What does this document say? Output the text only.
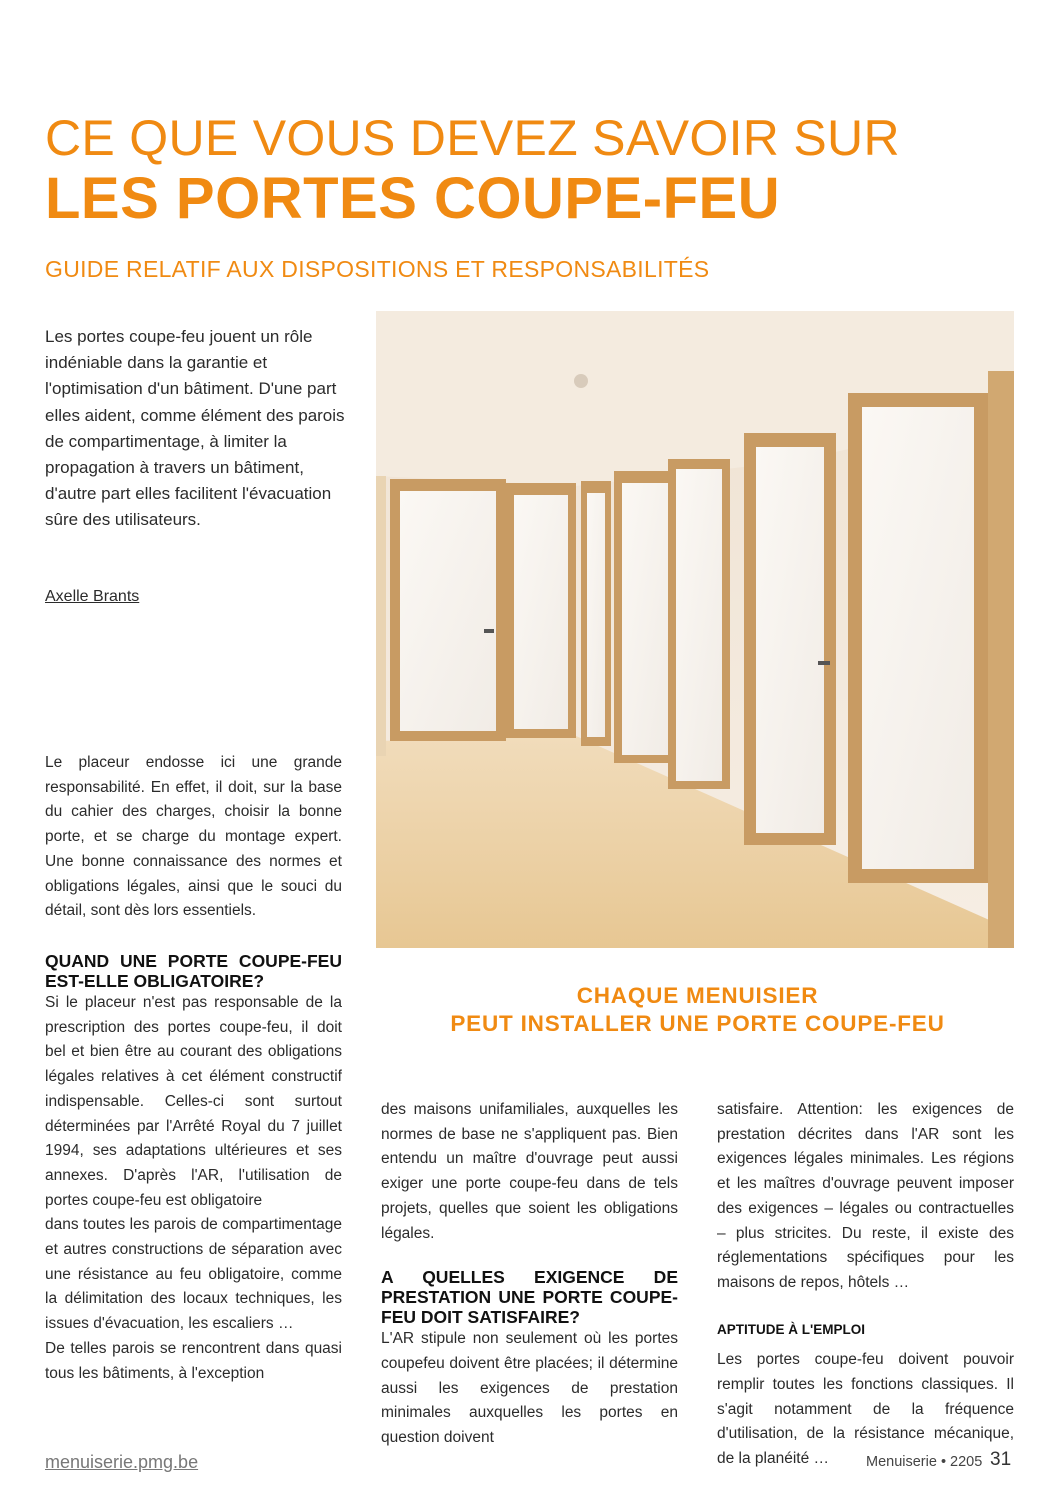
CE QUE VOUS DEVEZ SAVOIR SUR
LES PORTES COUPE-FEU
GUIDE RELATIF AUX DISPOSITIONS ET RESPONSABILITÉS

Les portes coupe-feu jouent un rôle indéniable dans la garantie et l'optimisation d'un bâtiment. D'une part elles aident, comme élément des parois de compartimentage, à limiter la propagation à travers un bâtiment, d'autre part elles facilitent l'évacuation sûre des utilisateurs.

Axelle Brants

Le placeur endosse ici une grande responsabilité. En effet, il doit, sur la base du cahier des charges, choisir la bonne porte, et se charge du montage expert. Une bonne connaissance des normes et obligations légales, ainsi que le souci du détail, sont dès lors essentiels.

QUAND UNE PORTE COUPE-FEU EST-ELLE OBLIGATOIRE?

Si le placeur n'est pas responsable de la prescription des portes coupe-feu, il doit bel et bien être au courant des obligations légales relatives à cet élément constructif indispensable. Celles-ci sont surtout déterminées par l'Arrêté Royal du 7 juillet 1994, ses adaptations ultérieures et ses annexes. D'après l'AR, l'utilisation de portes coupe-feu est obligatoire

dans toutes les parois de compartimentage et autres constructions de séparation avec une résistance au feu obligatoire, comme la délimitation des locaux techniques, les issues d'évacuation, les escaliers …

De telles parois se rencontrent dans quasi tous les bâtiments, à l'exception

CHAQUE MENUISIER
PEUT INSTALLER UNE PORTE COUPE-FEU

des maisons unifamiliales, auxquelles les normes de base ne s'appliquent pas. Bien entendu un maître d'ouvrage peut aussi exiger une porte coupe-feu dans de tels projets, quelles que soient les obligations légales.

A QUELLES EXIGENCE DE PRESTATION UNE PORTE COUPE-FEU DOIT SATISFAIRE?

L'AR stipule non seulement où les portes coupefeu doivent être placées; il détermine aussi les exigences de prestation minimales auxquelles les portes en question doivent

satisfaire. Attention: les exigences de prestation décrites dans l'AR sont les exigences légales minimales. Les régions et les maîtres d'ouvrage peuvent imposer des exigences – légales ou contractuelles – plus stricites. Du reste, il existe des réglementations spécifiques pour les maisons de repos, hôtels …

APTITUDE À L'EMPLOI

Les portes coupe-feu doivent pouvoir remplir toutes les fonctions classiques. Il s'agit notamment de la fréquence d'utilisation, de la résistance mécanique, de la planéité …

menuiserie.pmg.be	Menuiserie • 2205 31
